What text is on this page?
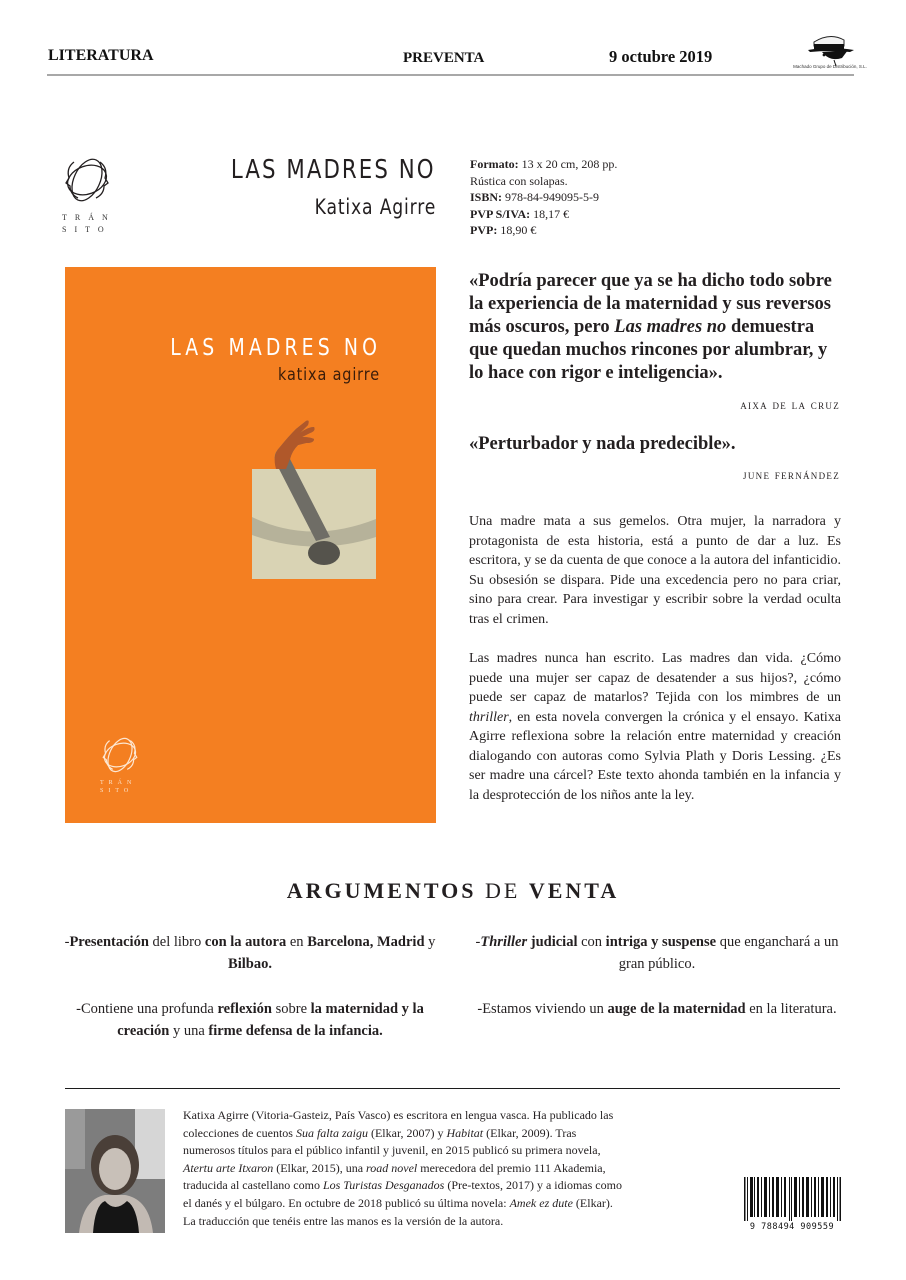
LITERATURA	PREVENTA	9 octubre 2019
Machado Grupo de Distribución, S.L.
TRÁN
SITO
LAS MADRES NO
Katixa Agirre
Formato: 13 x 20 cm, 208 pp.
Rústica con solapas.
ISBN: 978-84-949095-5-9
PVP S/IVA: 18,17 €
PVP: 18,90 €
LAS MADRES NO
katixa agirre
TRÁN
SITO
«Podría parecer que ya se ha dicho todo sobre la experiencia de la maternidad y sus reversos más oscuros, pero Las madres no demuestra que quedan muchos rincones por alumbrar, y lo hace con rigor e inteligencia».
aixa de la cruz
«Perturbador y nada predecible».
june fernández
Una madre mata a sus gemelos. Otra mujer, la narradora y protagonista de esta historia, está a punto de dar a luz. Es escritora, y se da cuenta de que conoce a la autora del infanticidio. Su obsesión se dispara. Pide una excedencia pero no para criar, sino para crear. Para investigar y escribir sobre la verdad oculta tras el crimen.
Las madres nunca han escrito. Las madres dan vida. ¿Cómo puede una mujer ser capaz de desatender a sus hijos?, ¿cómo puede ser capaz de matarlos? Tejida con los mimbres de un thriller, en esta novela convergen la crónica y el ensayo. Katixa Agirre reflexiona sobre la relación entre maternidad y creación dialogando con autoras como Sylvia Plath y Doris Lessing. ¿Es ser madre una cárcel? Este texto ahonda también en la infancia y la desprotección de los niños ante la ley.
ARGUMENTOS DE VENTA
-Presentación del libro con la autora en Barcelona, Madrid y Bilbao.
-Thriller judicial con intriga y suspense que enganchará a un gran público.
-Contiene una profunda reflexión sobre la maternidad y la creación y una firme defensa de la infancia.
-Estamos viviendo un auge de la maternidad en la literatura.
Katixa Agirre (Vitoria-Gasteiz, País Vasco) es escritora en lengua vasca. Ha publicado las colecciones de cuentos Sua falta zaigu (Elkar, 2007) y Habitat (Elkar, 2009). Tras numerosos títulos para el público infantil y juvenil, en 2015 publicó su primera novela, Atertu arte Itxaron (Elkar, 2015), una road novel merecedora del premio 111 Akademia, traducida al castellano como Los Turistas Desganados (Pre-textos, 2017) y a idiomas como el danés y el búlgaro. En octubre de 2018 publicó su última novela: Amek ez dute (Elkar). La traducción que tenéis entre las manos es la versión de la autora.	9 788494 909559
